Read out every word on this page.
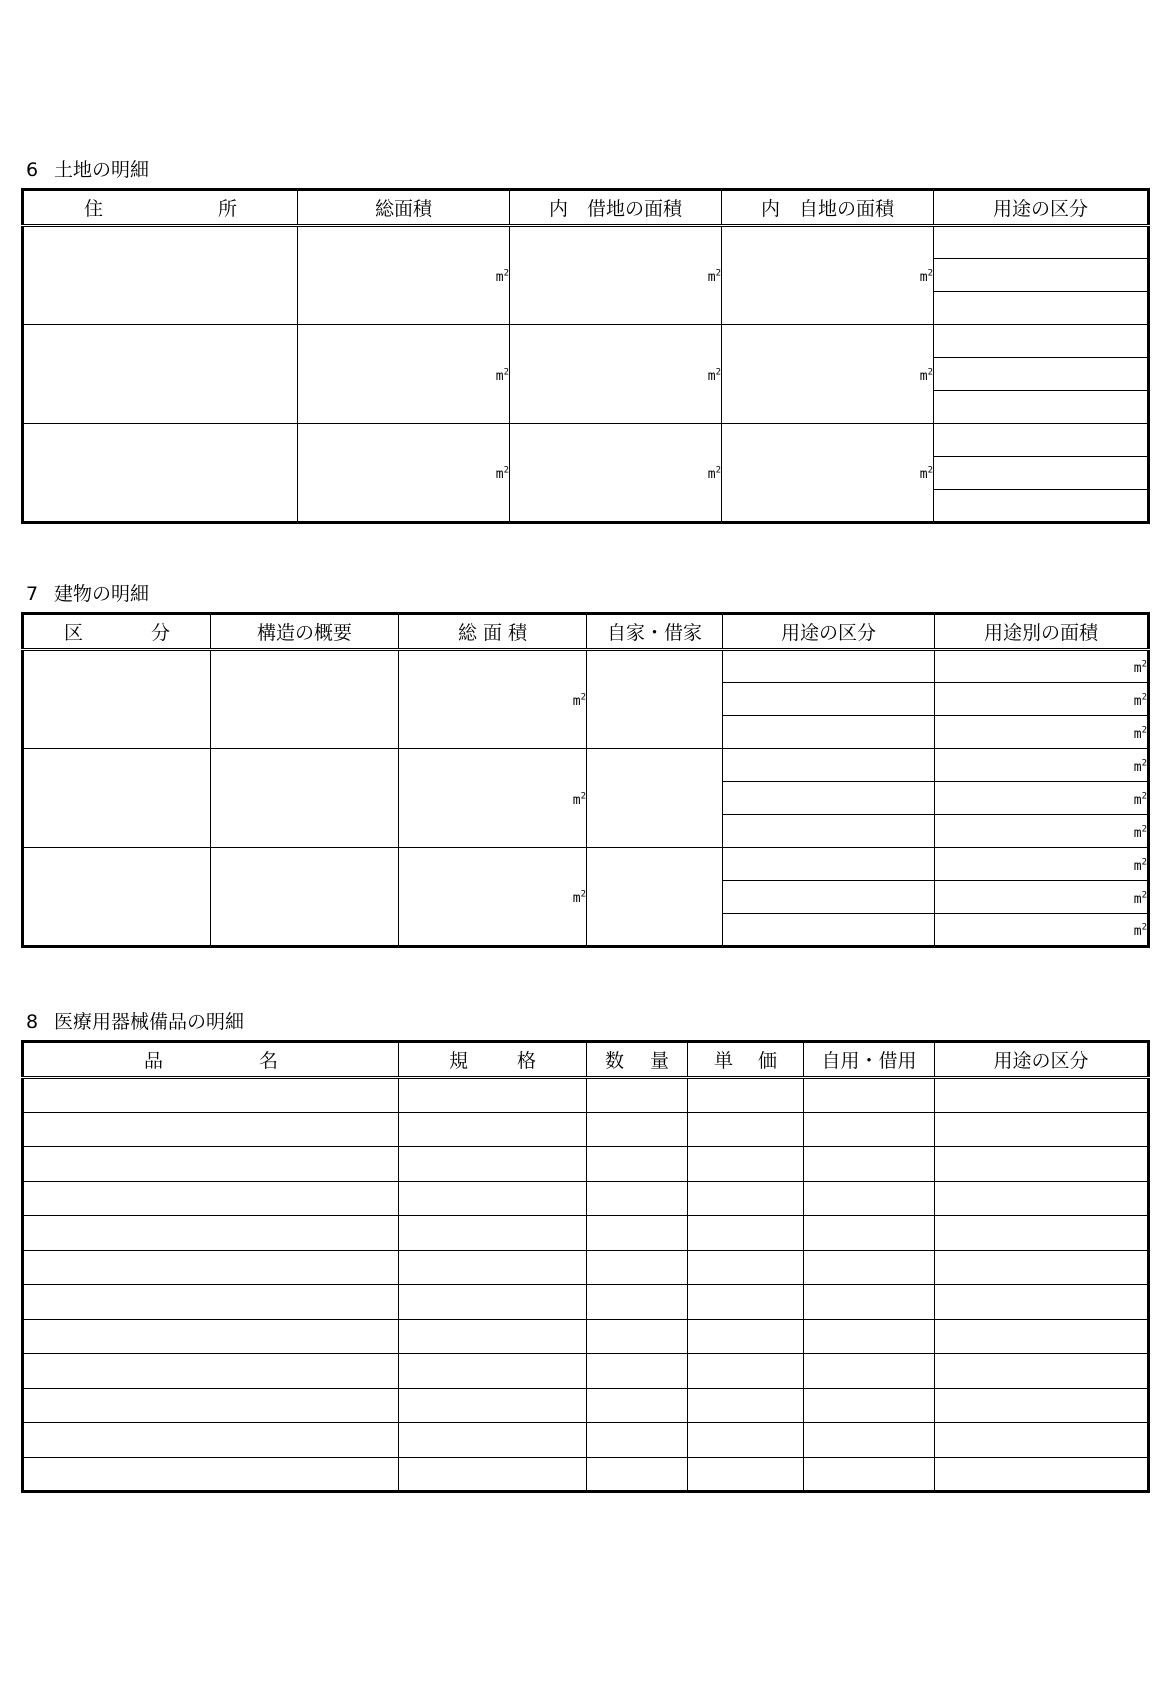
6 土地の明細
住 所	総面積	内　借地の面積	内　自地の面積	用途の区分
	$m^2$	$m^2$	$m^2$	

	$m^2$	$m^2$	$m^2$	

	$m^2$	$m^2$	$m^2$	

7 建物の明細
区 分	構造の概要	総 面 積	自家・借家	用途の区分	用途別の面積
		$m^2$			$m^2$
					$m^2$
					$m^2$
		$m^2$			$m^2$
					$m^2$
					$m^2$
		$m^2$			$m^2$
					$m^2$
					$m^2$
8 医療用器械備品の明細
品 名	規 格	数 量	単 価	自用・借用	用途の区分
